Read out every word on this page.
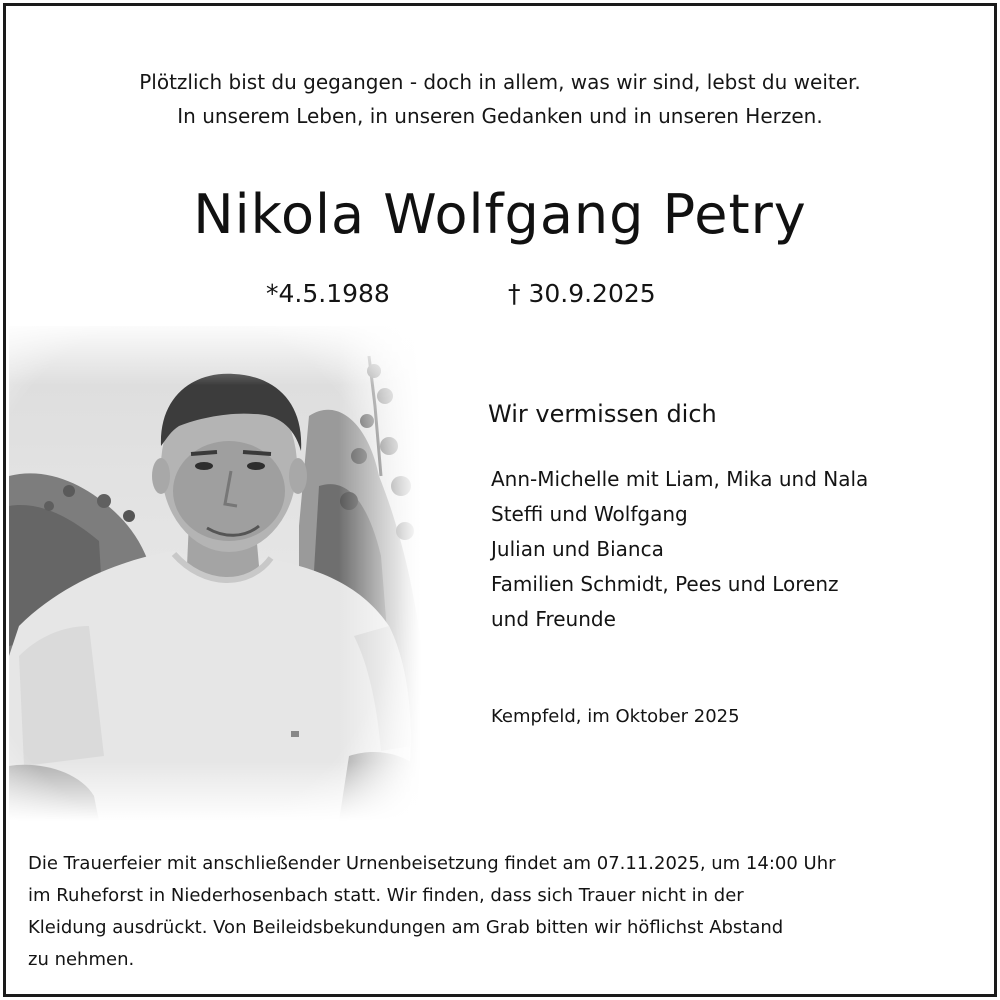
Plötzlich bist du gegangen - doch in allem, was wir sind, lebst du weiter.
In unserem Leben, in unseren Gedanken und in unseren Herzen.
Nikola Wolfgang Petry
*4.5.1988	† 30.9.2025
Wir vermissen dich
Ann-Michelle mit Liam, Mika und Nala
Steffi und Wolfgang
Julian und Bianca
Familien Schmidt, Pees und Lorenz
und Freunde
Kempfeld, im Oktober 2025
Die Trauerfeier mit anschließender Urnenbeisetzung findet am 07.11.2025, um 14:00 Uhr
im Ruheforst in Niederhosenbach statt. Wir finden, dass sich Trauer nicht in der
Kleidung ausdrückt. Von Beileidsbekundungen am Grab bitten wir höflichst Abstand
zu nehmen.
